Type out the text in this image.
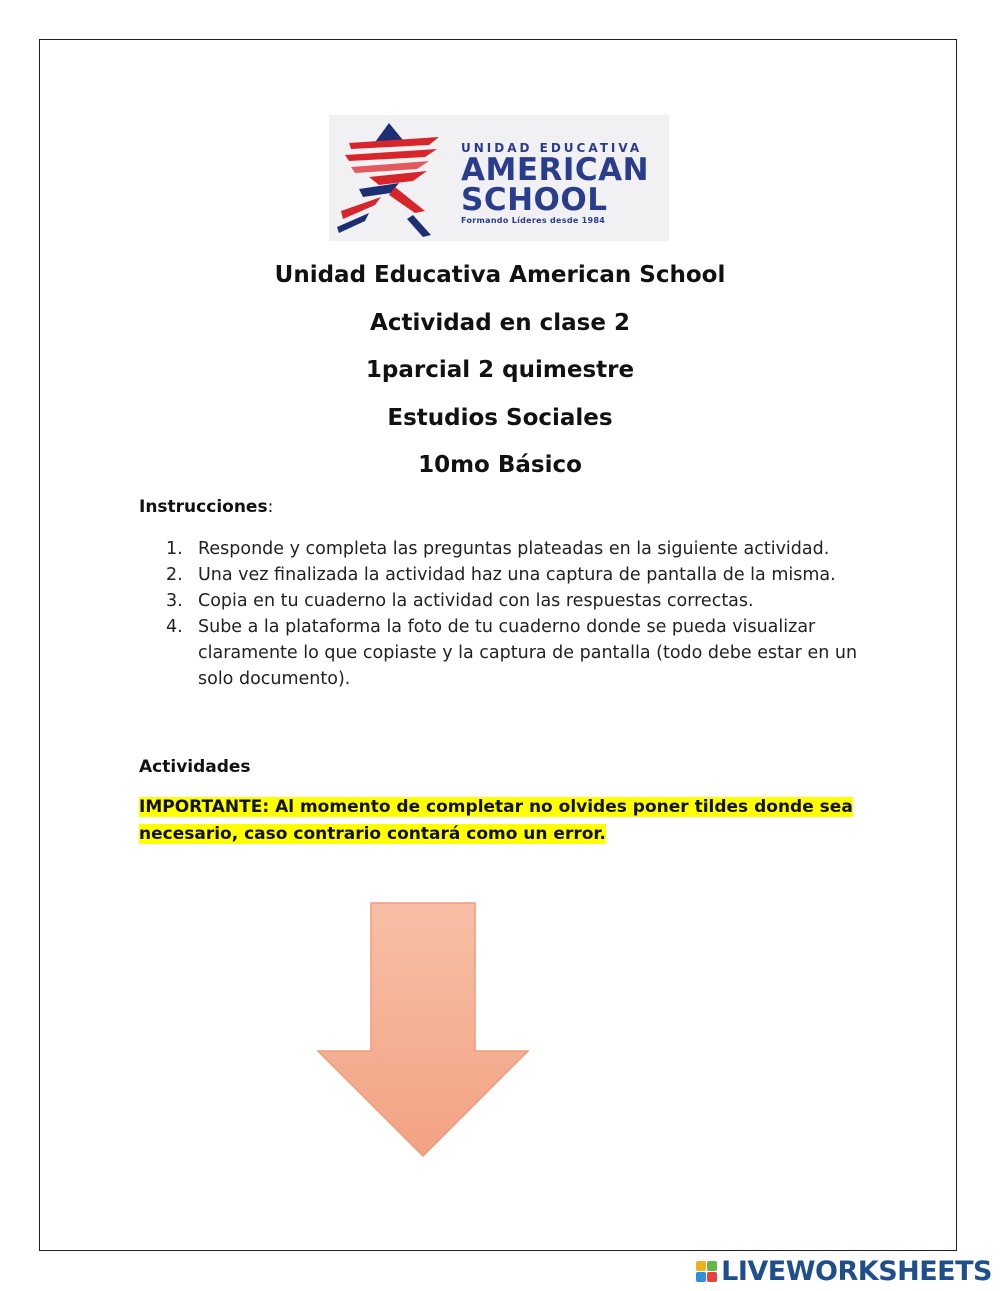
UNIDAD EDUCATIVA
AMERICAN
SCHOOL
Formando Líderes desde 1984
Unidad Educativa American School
Actividad en clase 2
1parcial 2 quimestre
Estudios Sociales
10mo Básico
Instrucciones:
1. Responde y completa las preguntas plateadas en la siguiente actividad.
2. Una vez finalizada la actividad haz una captura de pantalla de la misma.
3. Copia en tu cuaderno la actividad con las respuestas correctas.
4. Sube a la plataforma la foto de tu cuaderno donde se pueda visualizar claramente lo que copiaste y la captura de pantalla (todo debe estar en un solo documento).
Actividades
IMPORTANTE: Al momento de completar no olvides poner tildes donde sea
necesario, caso contrario contará como un error.
LIVEWORKSHEETS
